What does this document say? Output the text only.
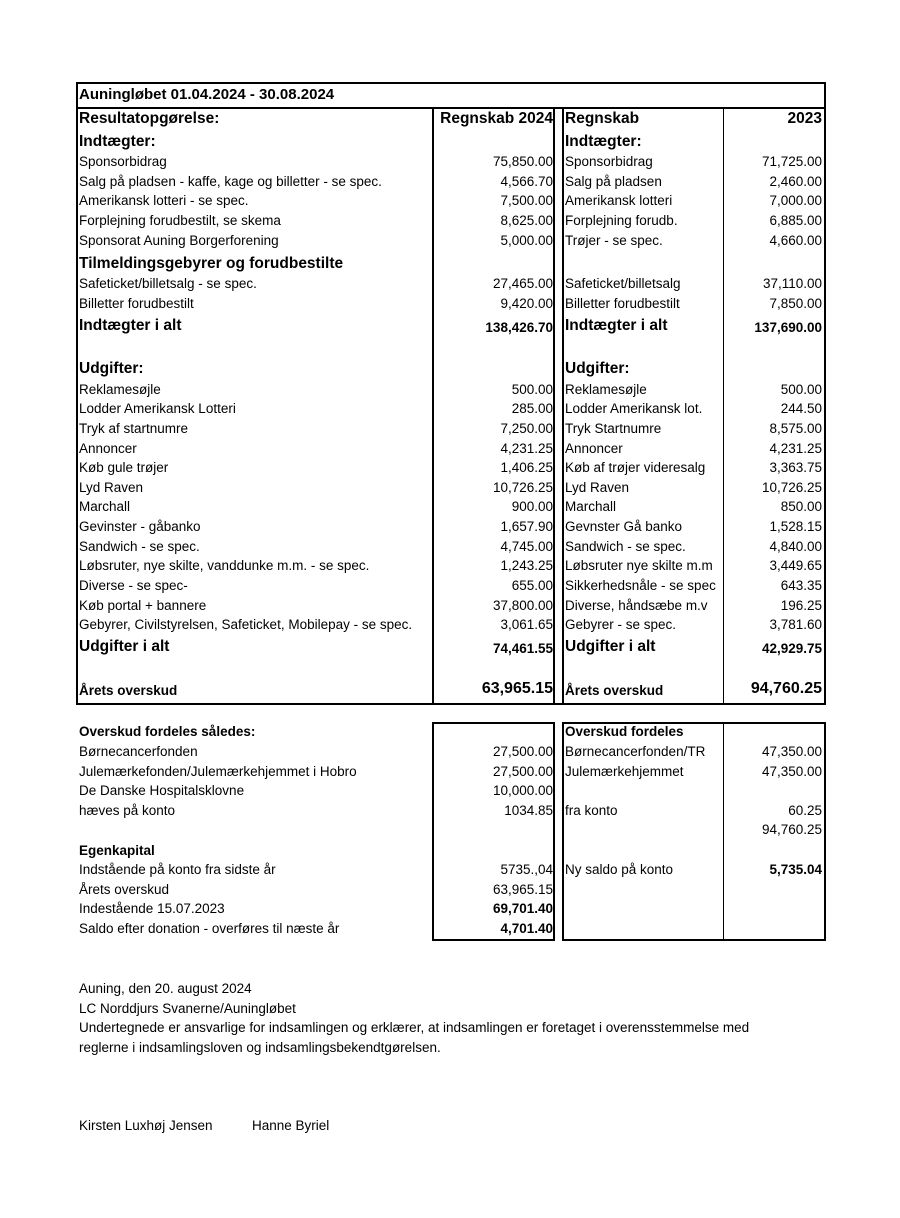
Auningløbet 01.04.2024 - 30.08.2024
Resultatopgørelse:	Regnskab 2024 Regnskab	2023
Indtægter:	Indtægter:
Sponsorbidrag	75,850.00 Sponsorbidrag	71,725.00
Salg på pladsen - kaffe, kage og billetter - se spec.	4,566.70 Salg på pladsen	2,460.00
Amerikansk lotteri - se spec.	7,500.00 Amerikansk lotteri	7,000.00
Forplejning forudbestilt, se skema	8,625.00 Forplejning forudb.	6,885.00
Sponsorat Auning Borgerforening	5,000.00 Trøjer - se spec.	4,660.00
Tilmeldingsgebyrer og forudbestilte
Safeticket/billetsalg - se spec.	27,465.00 Safeticket/billetsalg	37,110.00
Billetter forudbestilt	9,420.00 Billetter forudbestilt	7,850.00
Indtægter i alt	138,426.70 Indtægter i alt	137,690.00
Udgifter:	Udgifter:
Reklamesøjle	500.00 Reklamesøjle	500.00
Lodder Amerikansk Lotteri	285.00 Lodder Amerikansk lot.	244.50
Tryk af startnumre	7,250.00 Tryk Startnumre	8,575.00
Annoncer	4,231.25 Annoncer	4,231.25
Køb gule trøjer	1,406.25 Køb af trøjer videresalg	3,363.75
Lyd Raven	10,726.25 Lyd Raven	10,726.25
Marchall	900.00 Marchall	850.00
Gevinster - gåbanko	1,657.90 Gevnster Gå banko	1,528.15
Sandwich - se spec.	4,745.00 Sandwich - se spec.	4,840.00
Løbsruter, nye skilte, vanddunke m.m. - se spec.	1,243.25 Løbsruter nye skilte m.m	3,449.65
Diverse - se spec-	655.00 Sikkerhedsnåle - se spec	643.35
Køb portal + bannere	37,800.00 Diverse, håndsæbe m.v	196.25
Gebyrer, Civilstyrelsen, Safeticket, Mobilepay - se spec.	3,061.65 Gebyrer - se spec.	3,781.60
Udgifter i alt	74,461.55 Udgifter i alt	42,929.75
Årets overskud	63,965.15 Årets overskud	94,760.25
Overskud fordeles således:	Overskud fordeles
Børnecancerfonden	27,500.00 Børnecancerfonden/TR	47,350.00
Julemærkefonden/Julemærkehjemmet i Hobro	27,500.00 Julemærkehjemmet	47,350.00
De Danske Hospitalsklovne	10,000.00
hæves på konto	1034.85 fra konto	60.25
94,760.25
Egenkapital
Indstående på konto fra sidste år	5735.,04 Ny saldo på konto	5,735.04
Årets overskud	63,965.15
Indestående 15.07.2023	69,701.40
Saldo efter donation - overføres til næste år	4,701.40
Auning, den 20. august 2024
LC Norddjurs Svanerne/Auningløbet
Undertegnede er ansvarlige for indsamlingen og erklærer, at indsamlingen er foretaget i overensstemmelse med
reglerne i indsamlingsloven og indsamlingsbekendtgørelsen.
Kirsten Luxhøj Jensen	Hanne Byriel
